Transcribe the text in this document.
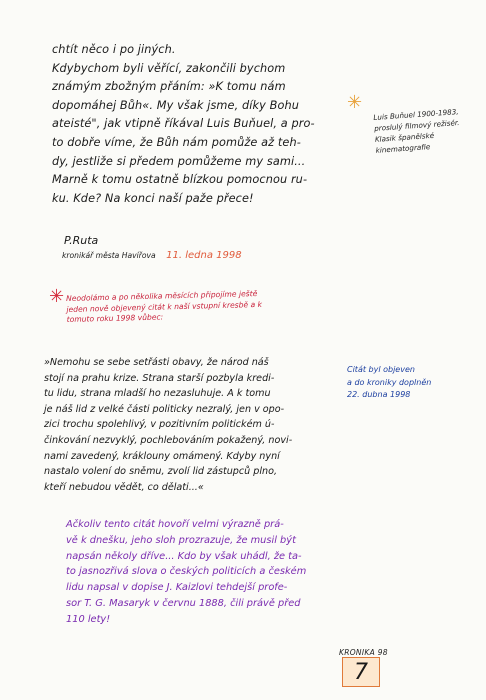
chtít něco i po jiných.
Kdybychom byli věřící, zakončili bychom
známým zbožným přáním: »K tomu nám
dopomáhej Bůh«. My však jsme, díky Bohu
ateisté", jak vtipně říkával Luis Buňuel, a pro-
to dobře víme, že Bůh nám pomůže až teh-
dy, jestliže si předem pomůžeme my sami...
Marně k tomu ostatně blízkou pomocnou ru-
ku. Kde? Na konci naší paže přece!
✳
Luis Buňuel 1900-1983,
proslulý filmový režisér.
Klasik španělské
kinematografie
P.Ruta
kronikář města Havířova 11. ledna 1998
✳ Neodolámo a po několika měsících připojíme ještě
jeden nově objevený citát k naší vstupní kresbě a k
tomuto roku 1998 vůbec:
»Nemohu se sebe setřásti obavy, že národ náš
stojí na prahu krize. Strana starší pozbyla kredi-
tu lidu, strana mladší ho nezasluhuje. A k tomu
je náš lid z velké části politicky nezralý, jen v opo-
zici trochu spolehlivý, v pozitivním politickém ú-
činkování nezvyklý, pochlebováním pokažený, novi-
nami zavedený, kráklouny omámený. Kdyby nyní
nastalo volení do sněmu, zvolí lid zástupců plno,
kteří nebudou vědět, co dělati...«
Citát byl objeven
a do kroniky doplněn
22. dubna 1998
Ačkoliv tento citát hovoří velmi výrazně prá-
vě k dnešku, jeho sloh prozrazuje, že musil být
napsán několy dříve... Kdo by však uhádl, že ta-
to jasnozřivá slova o českých politicích a českém
lidu napsal v dopise J. Kaizlovi tehdejší profe-
sor T. G. Masaryk v červnu 1888, čili právě před
110 lety!
KRONIKA 98
7
